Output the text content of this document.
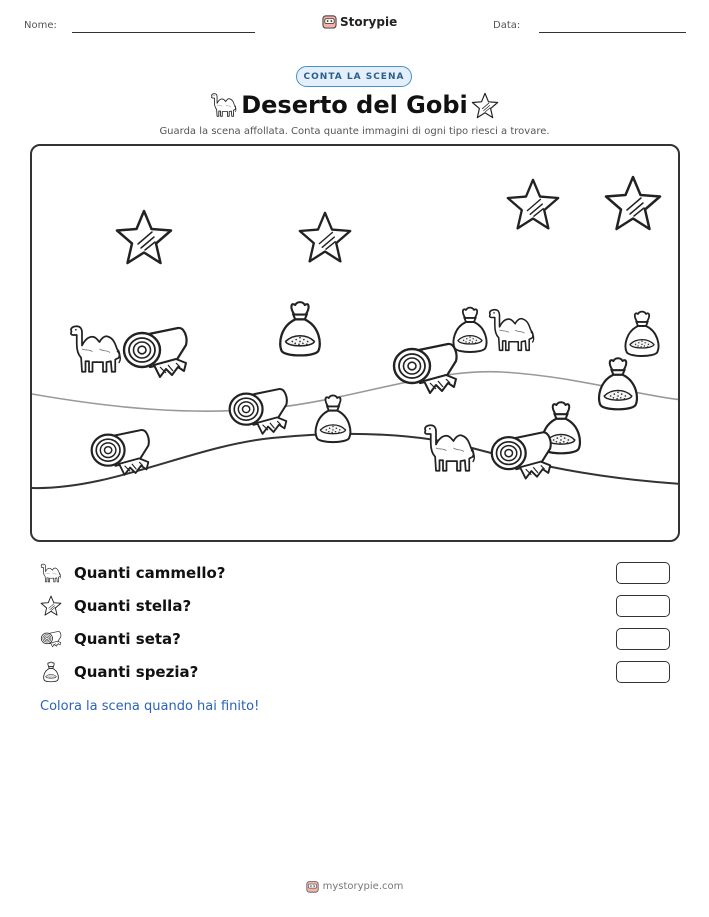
Nome:	Storypie	Data:
CONTA LA SCENA
Deserto del Gobi
Guarda la scena affollata. Conta quante immagini di ogni tipo riesci a trovare.
Quanti cammello?
Quanti stella?
Quanti seta?
Quanti spezia?
Colora la scena quando hai finito!
mystorypie.com
